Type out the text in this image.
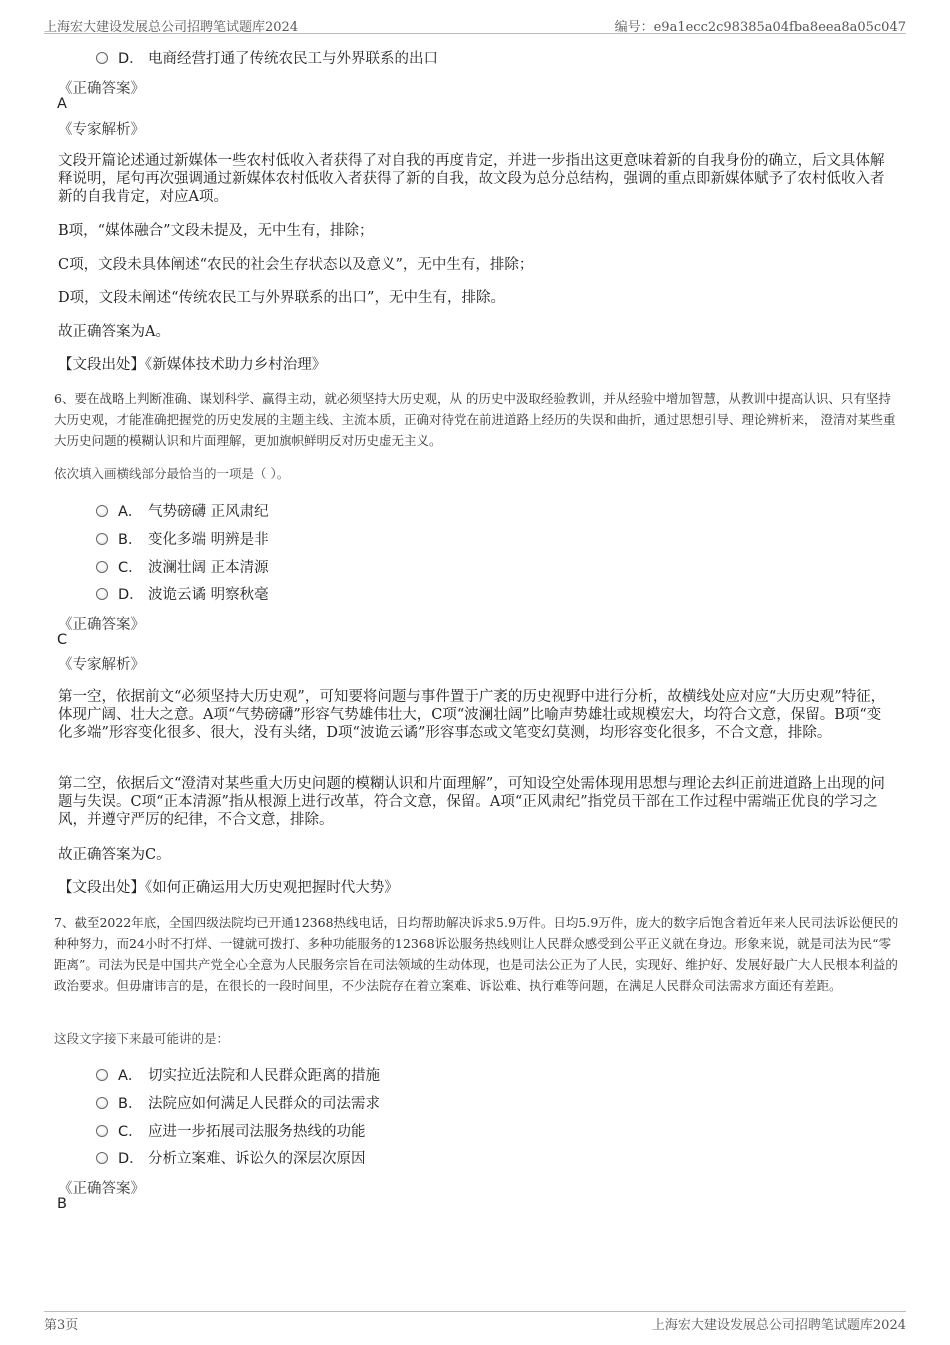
上海宏大建设发展总公司招聘笔试题库2024	编号：e9a1ecc2c98385a04fba8eea8a05c047
D． 电商经营打通了传统农民工与外界联系的出口
《正确答案》
A
《专家解析》
文段开篇论述通过新媒体一些农村低收入者获得了对自我的再度肯定，并进一步指出这更意味着新的自我身份的确立，后文具体解释说明，尾句再次强调通过新媒体农村低收入者获得了新的自我，故文段为总分总结构，强调的重点即新媒体赋予了农村低收入者新的自我肯定，对应A项。
B项，“媒体融合”文段未提及，无中生有，排除；
C项，文段未具体阐述“农民的社会生存状态以及意义”，无中生有，排除；
D项，文段未阐述“传统农民工与外界联系的出口”，无中生有，排除。
故正确答案为A。
【文段出处】《新媒体技术助力乡村治理》
6、要在战略上判断准确、谋划科学、赢得主动，就必须坚持大历史观，从 的历史中汲取经验教训，并从经验中增加智慧，从教训中提高认识、只有坚持大历史观，才能准确把握党的历史发展的主题主线、主流本质，正确对待党在前进道路上经历的失误和曲折，通过思想引导、理论辨析来， 澄清对某些重大历史问题的模糊认识和片面理解，更加旗帜鲜明反对历史虚无主义。
依次填入画横线部分最恰当的一项是（ ）。
A． 气势磅礴 正风肃纪
B． 变化多端 明辨是非
C． 波澜壮阔 正本清源
D． 波诡云谲 明察秋毫
《正确答案》
C
《专家解析》
第一空，依据前文“必须坚持大历史观”，可知要将问题与事件置于广袤的历史视野中进行分析，故横线处应对应“大历史观”特征，体现广阔、壮大之意。A项“气势磅礴”形容气势雄伟壮大，C项“波澜壮阔”比喻声势雄壮或规模宏大，均符合文意，保留。B项“变化多端”形容变化很多、很大，没有头绪，D项“波诡云谲”形容事态或文笔变幻莫测，均形容变化很多，不合文意，排除。
第二空，依据后文“澄清对某些重大历史问题的模糊认识和片面理解”，可知设空处需体现用思想与理论去纠正前进道路上出现的问题与失误。C项“正本清源”指从根源上进行改革，符合文意，保留。A项“正风肃纪”指党员干部在工作过程中需端正优良的学习之风，并遵守严厉的纪律，不合文意，排除。
故正确答案为C。
【文段出处】《如何正确运用大历史观把握时代大势》
7、截至2022年底，全国四级法院均已开通12368热线电话，日均帮助解决诉求5.9万件。日均5.9万件，庞大的数字后饱含着近年来人民司法诉讼便民的种种努力，而24小时不打烊、一键就可拨打、多种功能服务的12368诉讼服务热线则让人民群众感受到公平正义就在身边。形象来说，就是司法为民“零距离”。司法为民是中国共产党全心全意为人民服务宗旨在司法领域的生动体现，也是司法公正为了人民，实现好、维护好、发展好最广大人民根本利益的政治要求。但毋庸讳言的是，在很长的一段时间里，不少法院存在着立案难、诉讼难、执行难等问题，在满足人民群众司法需求方面还有差距。
这段文字接下来最可能讲的是：
A． 切实拉近法院和人民群众距离的措施
B． 法院应如何满足人民群众的司法需求
C． 应进一步拓展司法服务热线的功能
D． 分析立案难、诉讼久的深层次原因
《正确答案》
B
第3页	上海宏大建设发展总公司招聘笔试题库2024
